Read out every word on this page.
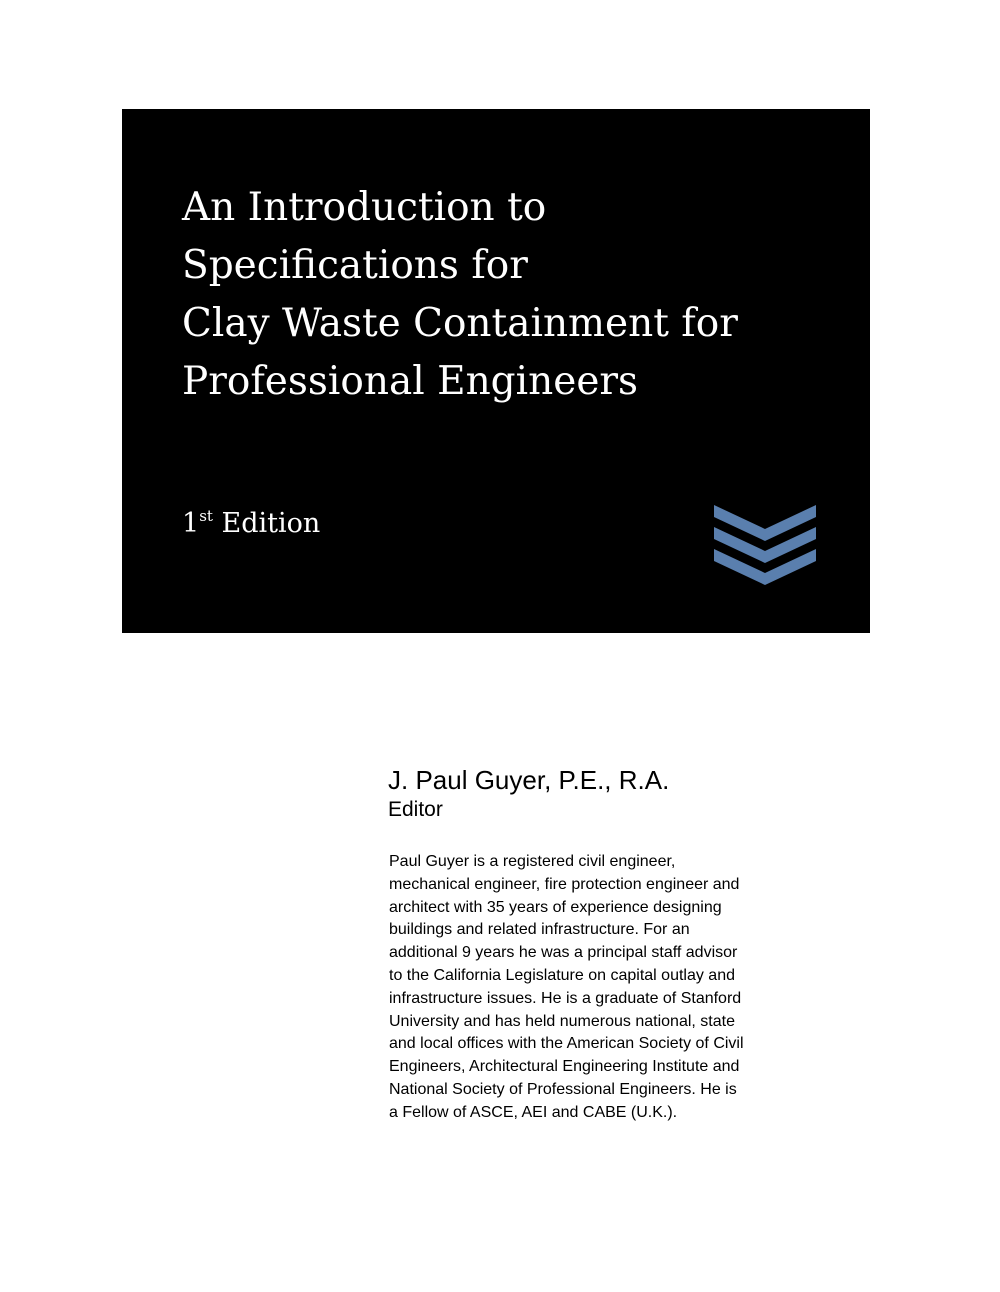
An Introduction to
Specifications for
Clay Waste Containment for
Professional Engineers
1st Edition
J. Paul Guyer, P.E., R.A.
Editor

Paul Guyer is a registered civil engineer,
mechanical engineer, fire protection engineer and
architect with 35 years of experience designing
buildings and related infrastructure. For an
additional 9 years he was a principal staff advisor
to the California Legislature on capital outlay and
infrastructure issues. He is a graduate of Stanford
University and has held numerous national, state
and local offices with the American Society of Civil
Engineers, Architectural Engineering Institute and
National Society of Professional Engineers. He is
a Fellow of ASCE, AEI and CABE (U.K.).
